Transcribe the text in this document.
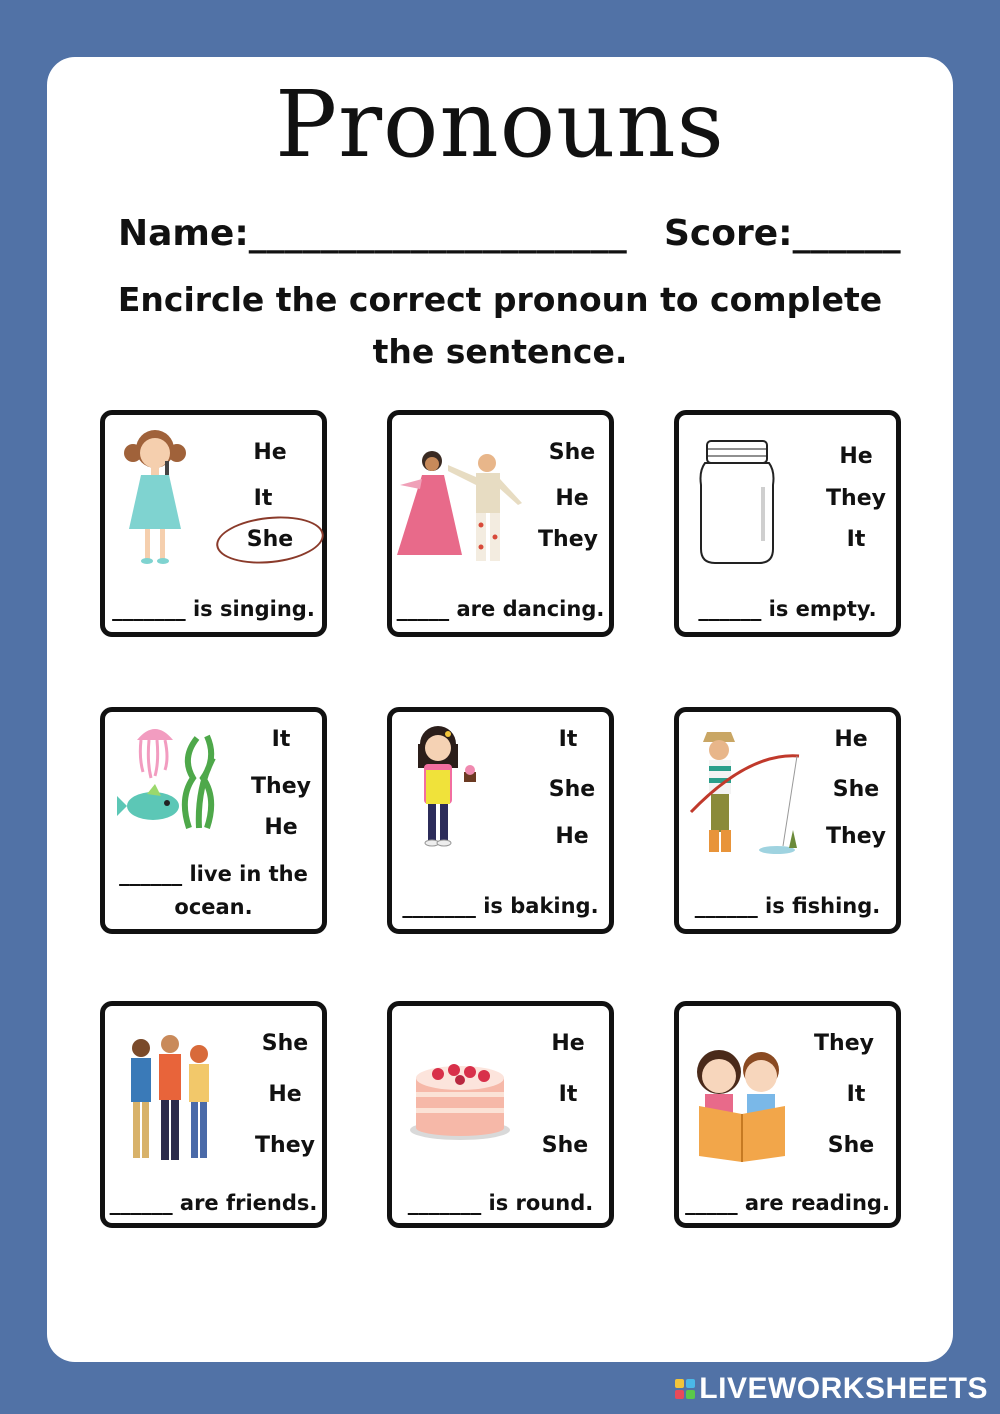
Pronouns
Name:_____________________ Score:______
Encircle the correct pronoun to complete the sentence.
He
It
She
_______ is singing.
She
He
They
_____ are dancing.
He
They
It
______ is empty.
It
They
He
______ live in the ocean.
It
She
He
_______ is baking.
He
She
They
______ is fishing.
She
He
They
______ are friends.
He
It
She
_______ is round.
They
It
She
_____ are reading.
LIVEWORKSHEETS
